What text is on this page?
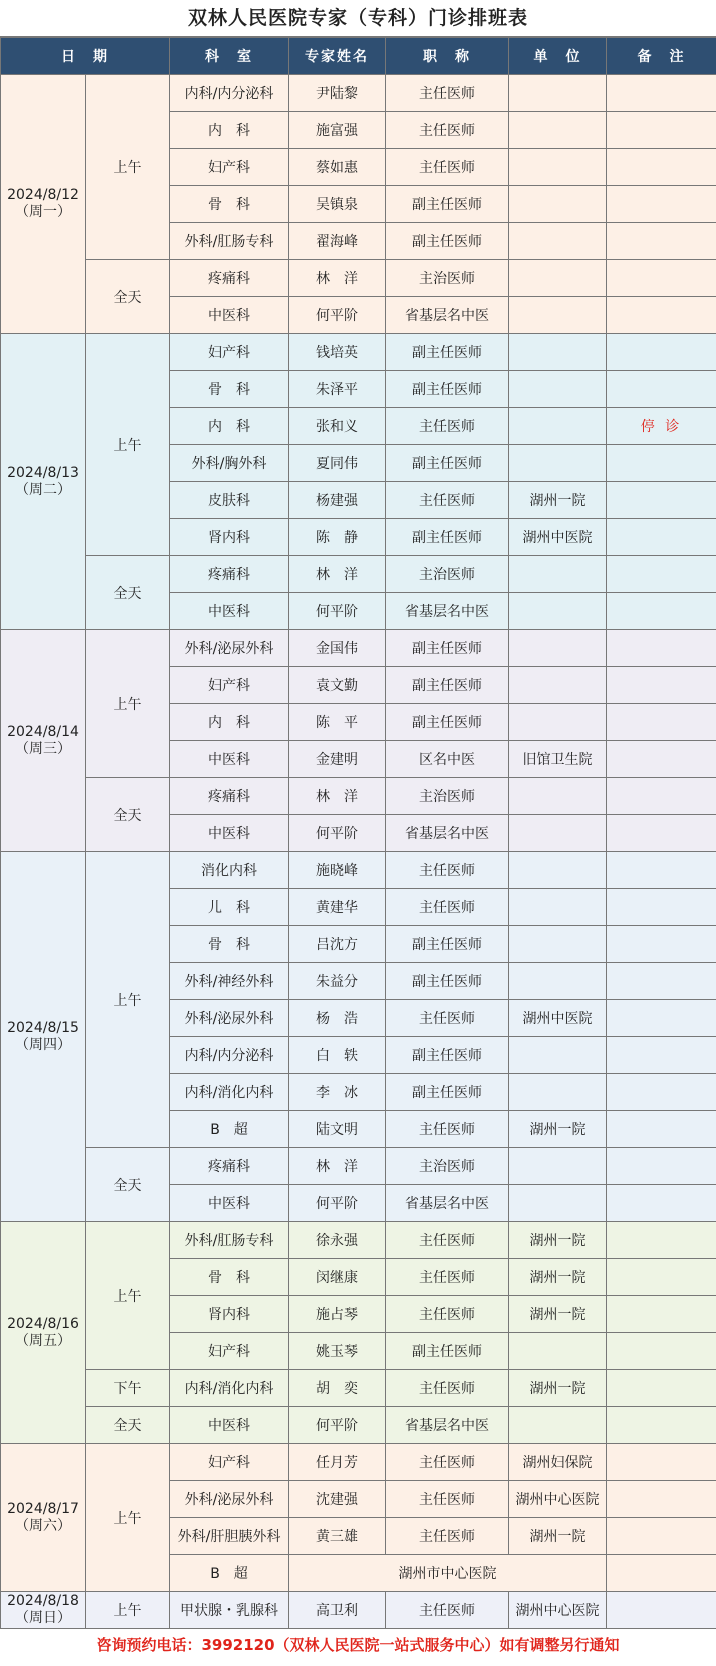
双林人民医院专家（专科）门诊排班表
日　期		科　室	专家姓名	职　称	单　位	备　注
2024/8/12
（周一）	上午	内科/内分泌科	尹陆黎	主任医师		
		内　科	施富强	主任医师		
		妇产科	蔡如惠	主任医师		
		骨　科	吴镇泉	副主任医师		
		外科/肛肠专科	翟海峰	副主任医师		
	全天	疼痛科	林　洋	主治医师		
		中医科	何平阶	省基层名中医		
2024/8/13
（周二）	上午	妇产科	钱培英	副主任医师		
		骨　科	朱泽平	副主任医师		
		内　科	张和义	主任医师		停 诊
		外科/胸外科	夏同伟	副主任医师		
		皮肤科	杨建强	主任医师	湖州一院	
		肾内科	陈　静	副主任医师	湖州中医院	
	全天	疼痛科	林　洋	主治医师		
		中医科	何平阶	省基层名中医		
2024/8/14
（周三）	上午	外科/泌尿外科	金国伟	副主任医师		
		妇产科	袁文勤	副主任医师		
		内　科	陈　平	副主任医师		
		中医科	金建明	区名中医	旧馆卫生院	
	全天	疼痛科	林　洋	主治医师		
		中医科	何平阶	省基层名中医		
2024/8/15
（周四）	上午	消化内科	施晓峰	主任医师		
		儿　科	黄建华	主任医师		
		骨　科	吕沈方	副主任医师		
		外科/神经外科	朱益分	副主任医师		
		外科/泌尿外科	杨　浩	主任医师	湖州中医院	
		内科/内分泌科	白　轶	副主任医师		
		内科/消化内科	李　冰	副主任医师		
		B　超	陆文明	主任医师	湖州一院	
	全天	疼痛科	林　洋	主治医师		
		中医科	何平阶	省基层名中医		
2024/8/16
（周五）	上午	外科/肛肠专科	徐永强	主任医师	湖州一院	
		骨　科	闵继康	主任医师	湖州一院	
		肾内科	施占琴	主任医师	湖州一院	
		妇产科	姚玉琴	副主任医师		
	下午	内科/消化内科	胡　奕	主任医师	湖州一院	
	全天	中医科	何平阶	省基层名中医		
2024/8/17
（周六）	上午	妇产科	任月芳	主任医师	湖州妇保院	
		外科/泌尿外科	沈建强	主任医师	湖州中心医院	
		外科/肝胆胰外科	黄三雄	主任医师	湖州一院	
		B　超	湖州市中心医院			
2024/8/18
（周日）	上午	甲状腺・乳腺科	高卫利	主任医师	湖州中心医院	
咨询预约电话：3992120（双林人民医院一站式服务中心）如有调整另行通知
